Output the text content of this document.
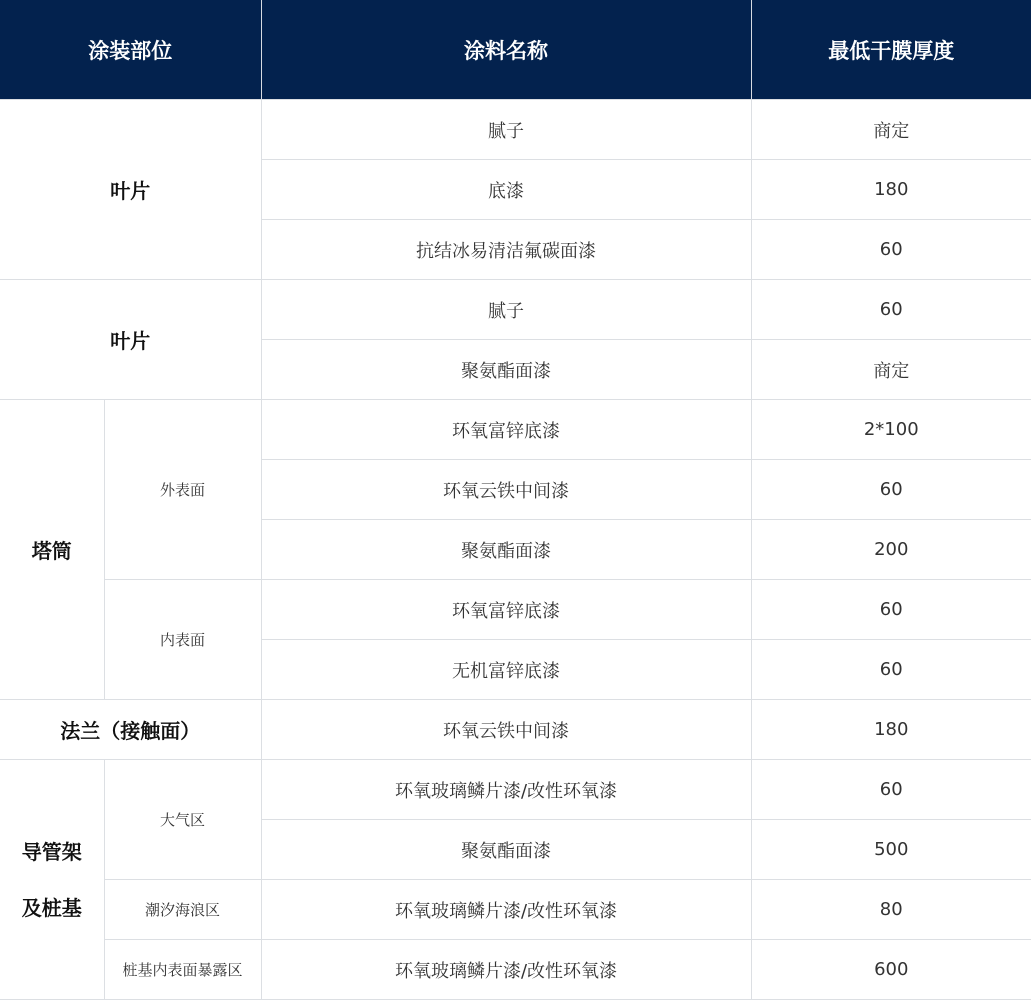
涂装部位		涂料名称	最低干膜厚度
叶片		腻子	商定
		底漆	180
		抗结冰易清洁氟碳面漆	60
叶片		腻子	60
		聚氨酯面漆	商定
塔筒	外表面	环氧富锌底漆	2*100
		环氧云铁中间漆	60
		聚氨酯面漆	200
	内表面	环氧富锌底漆	60
		无机富锌底漆	60
法兰（接触面）		环氧云铁中间漆	180

导管架
及桩基	大气区	环氧玻璃鳞片漆/改性环氧漆	60
		聚氨酯面漆	500
	潮汐海浪区	环氧玻璃鳞片漆/改性环氧漆	80
	桩基内表面暴露区	环氧玻璃鳞片漆/改性环氧漆	600
